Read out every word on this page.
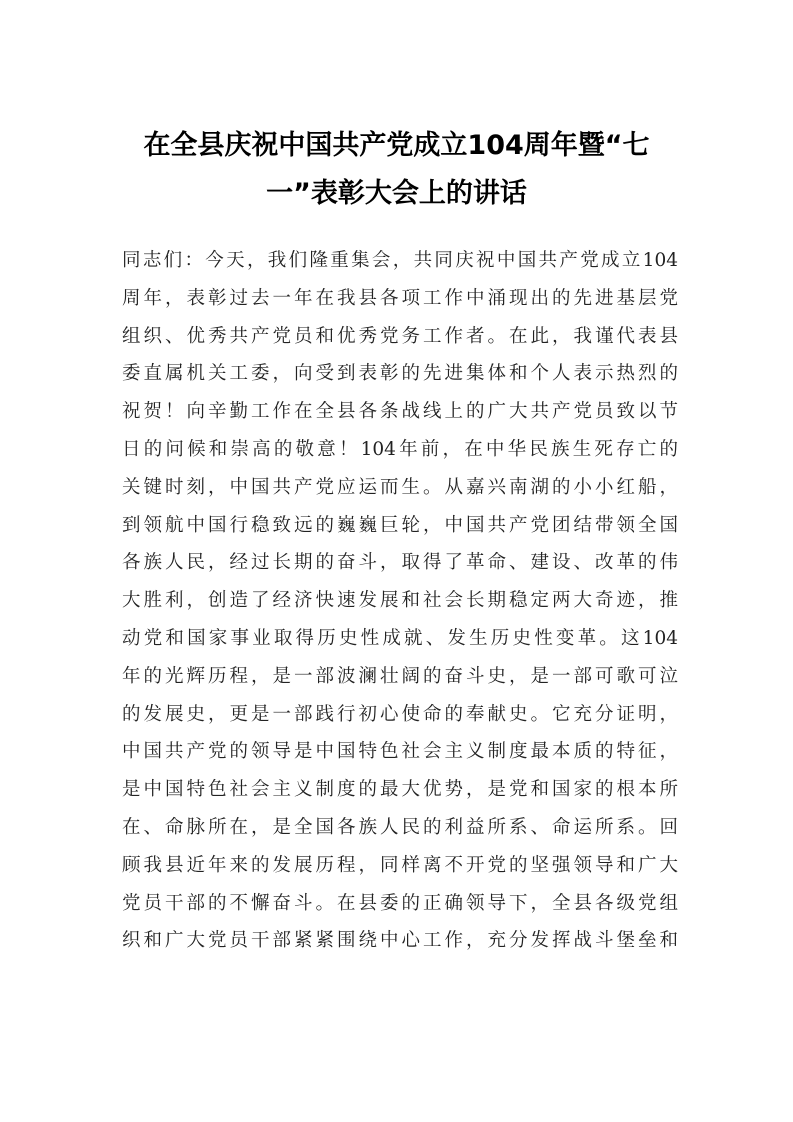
在全县庆祝中国共产党成立104周年暨“七
一”表彰大会上的讲话
同志们：今天，我们隆重集会，共同庆祝中国共产党成立104
周年，表彰过去一年在我县各项工作中涌现出的先进基层党
组织、优秀共产党员和优秀党务工作者。在此，我谨代表县
委直属机关工委，向受到表彰的先进集体和个人表示热烈的
祝贺！向辛勤工作在全县各条战线上的广大共产党员致以节
日的问候和崇高的敬意！104年前，在中华民族生死存亡的
关键时刻，中国共产党应运而生。从嘉兴南湖的小小红船，
到领航中国行稳致远的巍巍巨轮，中国共产党团结带领全国
各族人民，经过长期的奋斗，取得了革命、建设、改革的伟
大胜利，创造了经济快速发展和社会长期稳定两大奇迹，推
动党和国家事业取得历史性成就、发生历史性变革。这104
年的光辉历程，是一部波澜壮阔的奋斗史，是一部可歌可泣
的发展史，更是一部践行初心使命的奉献史。它充分证明，
中国共产党的领导是中国特色社会主义制度最本质的特征，
是中国特色社会主义制度的最大优势，是党和国家的根本所
在、命脉所在，是全国各族人民的利益所系、命运所系。回
顾我县近年来的发展历程，同样离不开党的坚强领导和广大
党员干部的不懈奋斗。在县委的正确领导下，全县各级党组
织和广大党员干部紧紧围绕中心工作，充分发挥战斗堡垒和
